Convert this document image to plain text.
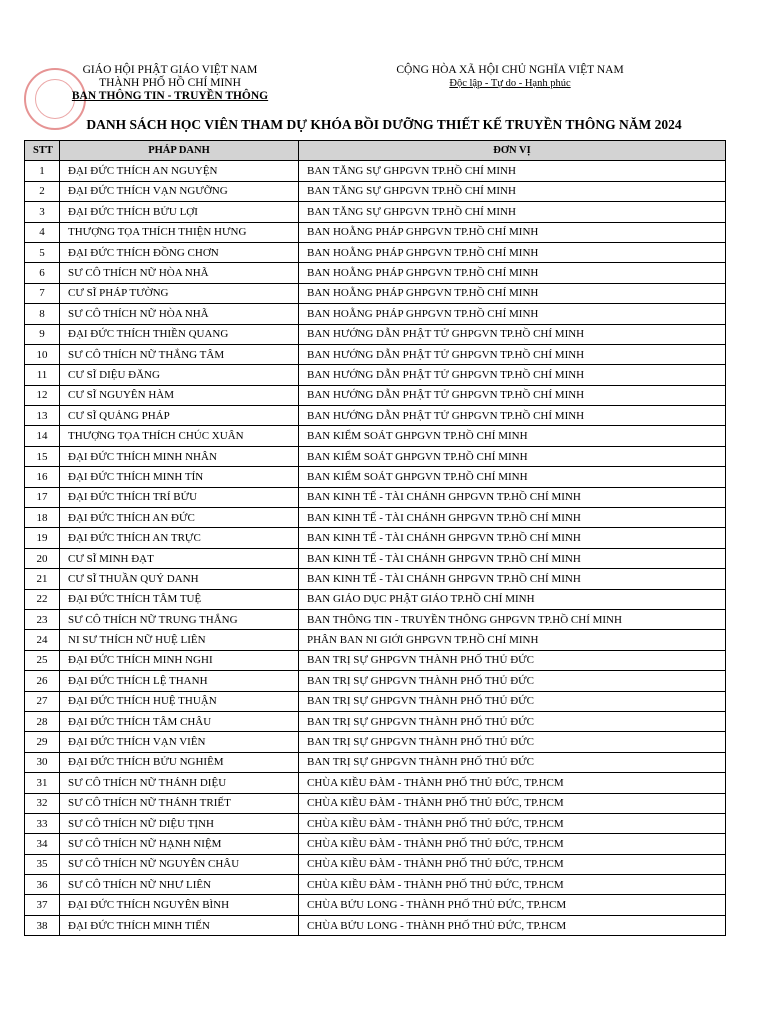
GIÁO HỘI PHẬT GIÁO VIỆT NAM
THÀNH PHỐ HỒ CHÍ MINH
BAN THÔNG TIN - TRUYỀN THÔNG
CỘNG HÒA XÃ HỘI CHỦ NGHĨA VIỆT NAM
Độc lập - Tự do - Hạnh phúc
DANH SÁCH HỌC VIÊN THAM DỰ KHÓA BỒI DƯỠNG THIẾT KẾ TRUYỀN THÔNG NĂM 2024
STT	PHÁP DANH	ĐƠN VỊ
1	ĐẠI ĐỨC THÍCH AN NGUYỆN	BAN TĂNG SỰ GHPGVN TP.HỒ CHÍ MINH
2	ĐẠI ĐỨC THÍCH VẠN NGƯỠNG	BAN TĂNG SỰ GHPGVN TP.HỒ CHÍ MINH
3	ĐẠI ĐỨC THÍCH BỬU LỢI	BAN TĂNG SỰ GHPGVN TP.HỒ CHÍ MINH
4	THƯỢNG TỌA THÍCH THIỆN HƯNG	BAN HOẰNG PHÁP GHPGVN TP.HỒ CHÍ MINH
5	ĐẠI ĐỨC THÍCH ĐỒNG CHƠN	BAN HOẰNG PHÁP GHPGVN TP.HỒ CHÍ MINH
6	SƯ CÔ THÍCH NỮ HÒA NHÃ	BAN HOẰNG PHÁP GHPGVN TP.HỒ CHÍ MINH
7	CƯ SĨ PHÁP TƯỜNG	BAN HOẰNG PHÁP GHPGVN TP.HỒ CHÍ MINH
8	SƯ CÔ THÍCH NỮ HÒA NHÃ	BAN HOẰNG PHÁP GHPGVN TP.HỒ CHÍ MINH
9	ĐẠI ĐỨC THÍCH THIỀN QUANG	BAN HƯỚNG DẪN PHẬT TỬ GHPGVN TP.HỒ CHÍ MINH
10	SƯ CÔ THÍCH NỮ THẮNG TÂM	BAN HƯỚNG DẪN PHẬT TỬ GHPGVN TP.HỒ CHÍ MINH
11	CƯ SĨ DIỆU ĐĂNG	BAN HƯỚNG DẪN PHẬT TỬ GHPGVN TP.HỒ CHÍ MINH
12	CƯ SĨ NGUYÊN HÀM	BAN HƯỚNG DẪN PHẬT TỬ GHPGVN TP.HỒ CHÍ MINH
13	CƯ SĨ QUẢNG PHÁP	BAN HƯỚNG DẪN PHẬT TỬ GHPGVN TP.HỒ CHÍ MINH
14	THƯỢNG TỌA THÍCH CHÚC XUÂN	BAN KIỂM SOÁT GHPGVN TP.HỒ CHÍ MINH
15	ĐẠI ĐỨC THÍCH MINH NHÂN	BAN KIỂM SOÁT GHPGVN TP.HỒ CHÍ MINH
16	ĐẠI ĐỨC THÍCH MINH TÍN	BAN KIỂM SOÁT GHPGVN TP.HỒ CHÍ MINH
17	ĐẠI ĐỨC THÍCH TRÍ BỬU	BAN KINH TẾ - TÀI CHÁNH GHPGVN TP.HỒ CHÍ MINH
18	ĐẠI ĐỨC THÍCH AN ĐỨC	BAN KINH TẾ - TÀI CHÁNH GHPGVN TP.HỒ CHÍ MINH
19	ĐẠI ĐỨC THÍCH AN TRỰC	BAN KINH TẾ - TÀI CHÁNH GHPGVN TP.HỒ CHÍ MINH
20	CƯ SĨ MINH ĐẠT	BAN KINH TẾ - TÀI CHÁNH GHPGVN TP.HỒ CHÍ MINH
21	CƯ SĨ THUẦN QUÝ DANH	BAN KINH TẾ - TÀI CHÁNH GHPGVN TP.HỒ CHÍ MINH
22	ĐẠI ĐỨC THÍCH TÂM TUỆ	BAN GIÁO DỤC PHẬT GIÁO TP.HỒ CHÍ MINH
23	SƯ CÔ THÍCH NỮ TRUNG THẮNG	BAN THÔNG TIN - TRUYỀN THÔNG GHPGVN TP.HỒ CHÍ MINH
24	NI SƯ THÍCH NỮ HUỆ LIÊN	PHÂN BAN NI GIỚI GHPGVN TP.HỒ CHÍ MINH
25	ĐẠI ĐỨC THÍCH MINH NGHI	BAN TRỊ SỰ GHPGVN THÀNH PHỐ THỦ ĐỨC
26	ĐẠI ĐỨC THÍCH LỆ THANH	BAN TRỊ SỰ GHPGVN THÀNH PHỐ THỦ ĐỨC
27	ĐẠI ĐỨC THÍCH HUỆ THUẬN	BAN TRỊ SỰ GHPGVN THÀNH PHỐ THỦ ĐỨC
28	ĐẠI ĐỨC THÍCH TÂM CHÂU	BAN TRỊ SỰ GHPGVN THÀNH PHỐ THỦ ĐỨC
29	ĐẠI ĐỨC THÍCH VẠN VIÊN	BAN TRỊ SỰ GHPGVN THÀNH PHỐ THỦ ĐỨC
30	ĐẠI ĐỨC THÍCH BỬU NGHIÊM	BAN TRỊ SỰ GHPGVN THÀNH PHỐ THỦ ĐỨC
31	SƯ CÔ THÍCH NỮ THÁNH DIỆU	CHÙA KIỀU ĐÀM - THÀNH PHỐ THỦ ĐỨC, TP.HCM
32	SƯ CÔ THÍCH NỮ THÁNH TRIẾT	CHÙA KIỀU ĐÀM - THÀNH PHỐ THỦ ĐỨC, TP.HCM
33	SƯ CÔ THÍCH NỮ DIỆU TỊNH	CHÙA KIỀU ĐÀM - THÀNH PHỐ THỦ ĐỨC, TP.HCM
34	SƯ CÔ THÍCH NỮ HẠNH NIỆM	CHÙA KIỀU ĐÀM - THÀNH PHỐ THỦ ĐỨC, TP.HCM
35	SƯ CÔ THÍCH NỮ NGUYÊN CHÂU	CHÙA KIỀU ĐÀM - THÀNH PHỐ THỦ ĐỨC, TP.HCM
36	SƯ CÔ THÍCH NỮ NHƯ LIÊN	CHÙA KIỀU ĐÀM - THÀNH PHỐ THỦ ĐỨC, TP.HCM
37	ĐẠI ĐỨC THÍCH NGUYÊN BÌNH	CHÙA BỬU LONG - THÀNH PHỐ THỦ ĐỨC, TP.HCM
38	ĐẠI ĐỨC THÍCH MINH TIẾN	CHÙA BỬU LONG - THÀNH PHỐ THỦ ĐỨC, TP.HCM
